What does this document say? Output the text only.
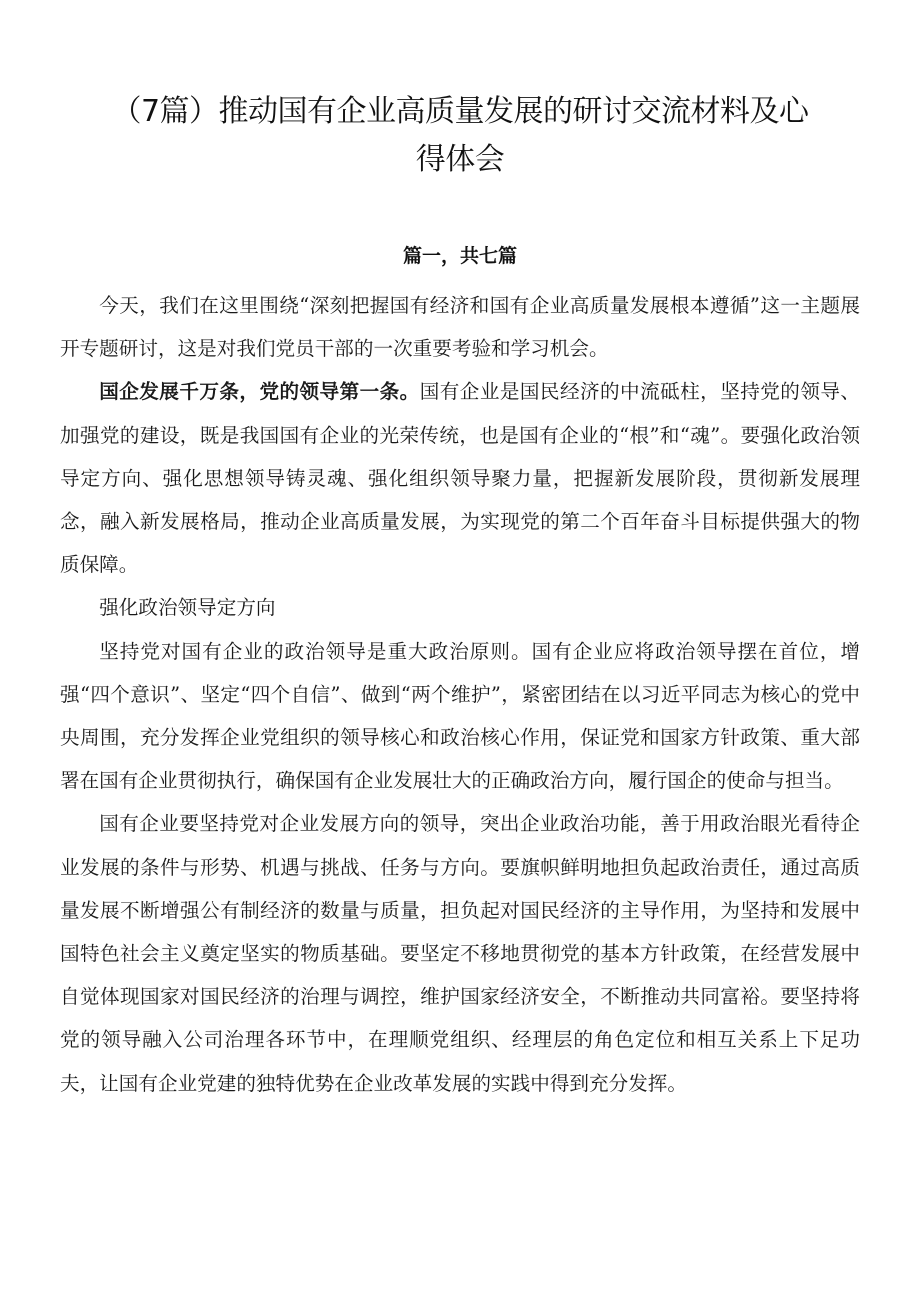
（7篇）推动国有企业高质量发展的研讨交流材料及心
得体会
篇一，共七篇

今天，我们在这里围绕“深刻把握国有经济和国有企业高质量发展根本遵循”这一主题展开专题研讨，这是对我们党员干部的一次重要考验和学习机会。

国企发展千万条，党的领导第一条。国有企业是国民经济的中流砥柱，坚持党的领导、加强党的建设，既是我国国有企业的光荣传统，也是国有企业的“根”和“魂”。要强化政治领导定方向、强化思想领导铸灵魂、强化组织领导聚力量，把握新发展阶段，贯彻新发展理念，融入新发展格局，推动企业高质量发展，为实现党的第二个百年奋斗目标提供强大的物质保障。

强化政治领导定方向

坚持党对国有企业的政治领导是重大政治原则。国有企业应将政治领导摆在首位，增强“四个意识”、坚定“四个自信”、做到“两个维护”，紧密团结在以习近平同志为核心的党中央周围，充分发挥企业党组织的领导核心和政治核心作用，保证党和国家方针政策、重大部署在国有企业贯彻执行，确保国有企业发展壮大的正确政治方向，履行国企的使命与担当。

国有企业要坚持党对企业发展方向的领导，突出企业政治功能，善于用政治眼光看待企业发展的条件与形势、机遇与挑战、任务与方向。要旗帜鲜明地担负起政治责任，通过高质量发展不断增强公有制经济的数量与质量，担负起对国民经济的主导作用，为坚持和发展中国特色社会主义奠定坚实的物质基础。要坚定不移地贯彻党的基本方针政策，在经营发展中自觉体现国家对国民经济的治理与调控，维护国家经济安全，不断推动共同富裕。要坚持将党的领导融入公司治理各环节中，在理顺党组织、经理层的角色定位和相互关系上下足功夫，让国有企业党建的独特优势在企业改革发展的实践中得到充分发挥。
